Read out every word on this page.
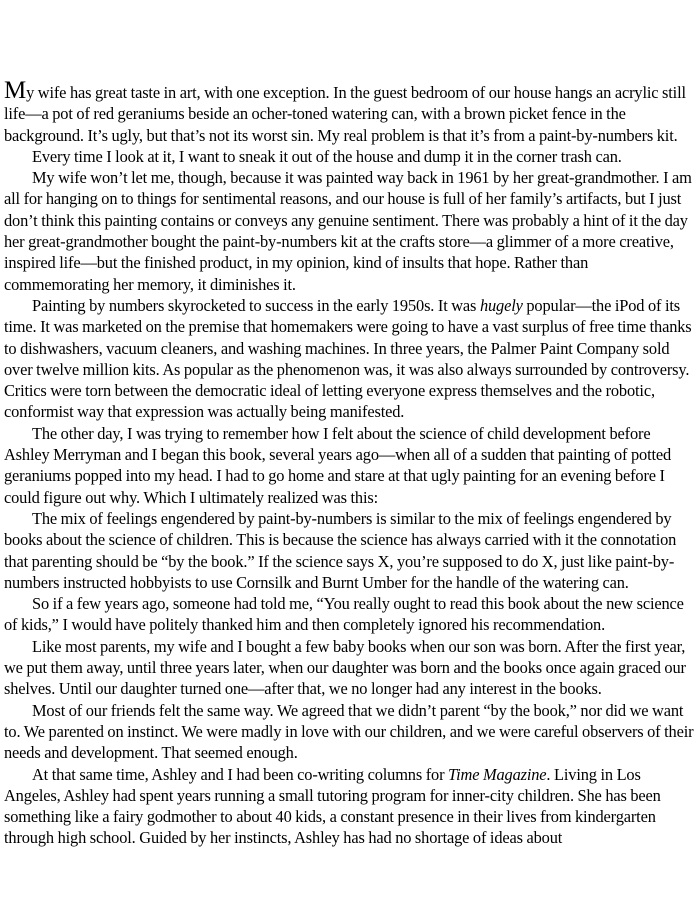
My wife has great taste in art, with one exception. In the guest bedroom of our house hangs an acrylic still life—a pot of red geraniums beside an ocher-toned watering can, with a brown picket fence in the background. It’s ugly, but that’s not its worst sin. My real problem is that it’s from a paint-by-numbers kit.

Every time I look at it, I want to sneak it out of the house and dump it in the corner trash can.

My wife won’t let me, though, because it was painted way back in 1961 by her great-grandmother. I am all for hanging on to things for sentimental reasons, and our house is full of her family’s artifacts, but I just don’t think this painting contains or conveys any genuine sentiment. There was probably a hint of it the day her great-grandmother bought the paint-by-numbers kit at the crafts store—a glimmer of a more creative, inspired life—but the finished product, in my opinion, kind of insults that hope. Rather than commemorating her memory, it diminishes it.

Painting by numbers skyrocketed to success in the early 1950s. It was hugely popular—the iPod of its time. It was marketed on the premise that homemakers were going to have a vast surplus of free time thanks to dishwashers, vacuum cleaners, and washing machines. In three years, the Palmer Paint Company sold over twelve million kits. As popular as the phenomenon was, it was also always surrounded by controversy. Critics were torn between the democratic ideal of letting everyone express themselves and the robotic, conformist way that expression was actually being manifested.

The other day, I was trying to remember how I felt about the science of child development before Ashley Merryman and I began this book, several years ago—when all of a sudden that painting of potted geraniums popped into my head. I had to go home and stare at that ugly painting for an evening before I could figure out why. Which I ultimately realized was this:

The mix of feelings engendered by paint-by-numbers is similar to the mix of feelings engendered by books about the science of children. This is because the science has always carried with it the connotation that parenting should be “by the book.” If the science says X, you’re supposed to do X, just like paint-by-numbers instructed hobbyists to use Cornsilk and Burnt Umber for the handle of the watering can.

So if a few years ago, someone had told me, “You really ought to read this book about the new science of kids,” I would have politely thanked him and then completely ignored his recommendation.

Like most parents, my wife and I bought a few baby books when our son was born. After the first year, we put them away, until three years later, when our daughter was born and the books once again graced our shelves. Until our daughter turned one—after that, we no longer had any interest in the books.

Most of our friends felt the same way. We agreed that we didn’t parent “by the book,” nor did we want to. We parented on instinct. We were madly in love with our children, and we were careful observers of their needs and development. That seemed enough.

At that same time, Ashley and I had been co-writing columns for Time Magazine. Living in Los Angeles, Ashley had spent years running a small tutoring program for inner-city children. She has been something like a fairy godmother to about 40 kids, a constant presence in their lives from kindergarten through high school. Guided by her instincts, Ashley has had no shortage of ideas about
